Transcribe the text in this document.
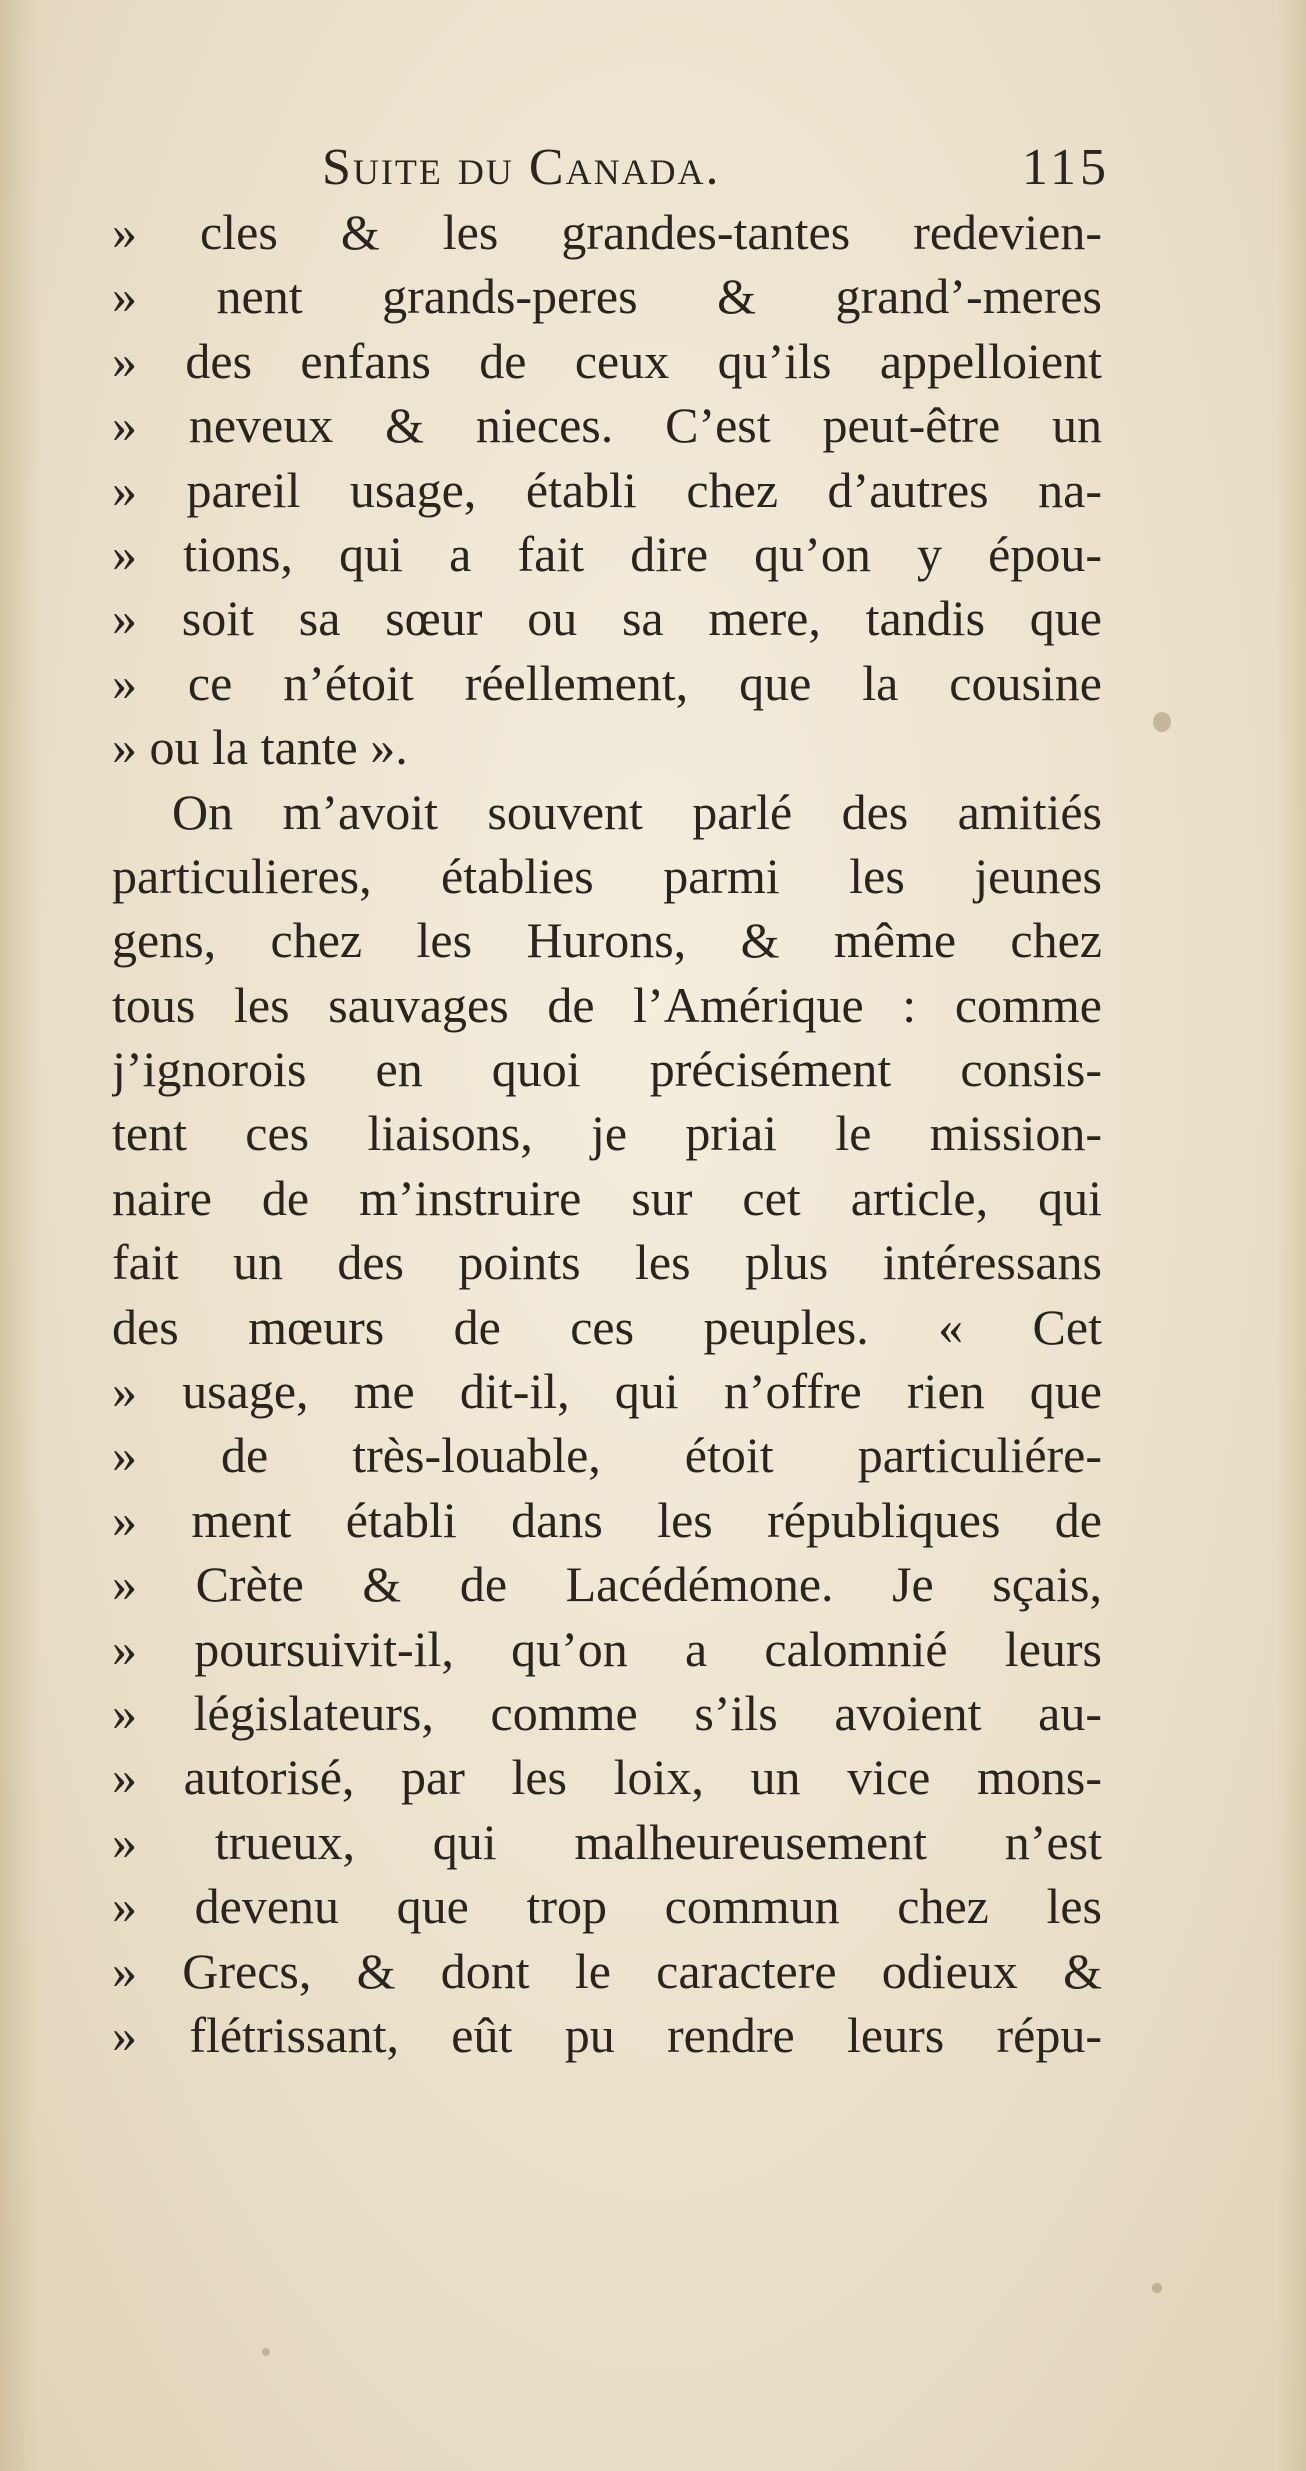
Suite du Canada.	115
» cles & les grandes-tantes redevien-
» nent grands-peres & grand’-meres
» des enfans de ceux qu’ils appelloient
» neveux & nieces. C’est peut-être un
» pareil usage, établi chez d’autres na-
» tions, qui a fait dire qu’on y épou-
» soit sa sœur ou sa mere, tandis que
» ce n’étoit réellement, que la cousine
» ou la tante ».
On m’avoit souvent parlé des amitiés
particulieres, établies parmi les jeunes
gens, chez les Hurons, & même chez
tous les sauvages de l’Amérique : comme
j’ignorois en quoi précisément consis-
tent ces liaisons, je priai le mission-
naire de m’instruire sur cet article, qui
fait un des points les plus intéressans
des mœurs de ces peuples. « Cet
» usage, me dit-il, qui n’offre rien que
» de très-louable, étoit particuliére-
» ment établi dans les républiques de
» Crète & de Lacédémone. Je sçais,
» poursuivit-il, qu’on a calomnié leurs
» législateurs, comme s’ils avoient au-
» autorisé, par les loix, un vice mons-
» trueux, qui malheureusement n’est
» devenu que trop commun chez les
» Grecs, & dont le caractere odieux &
» flétrissant, eût pu rendre leurs répu-
